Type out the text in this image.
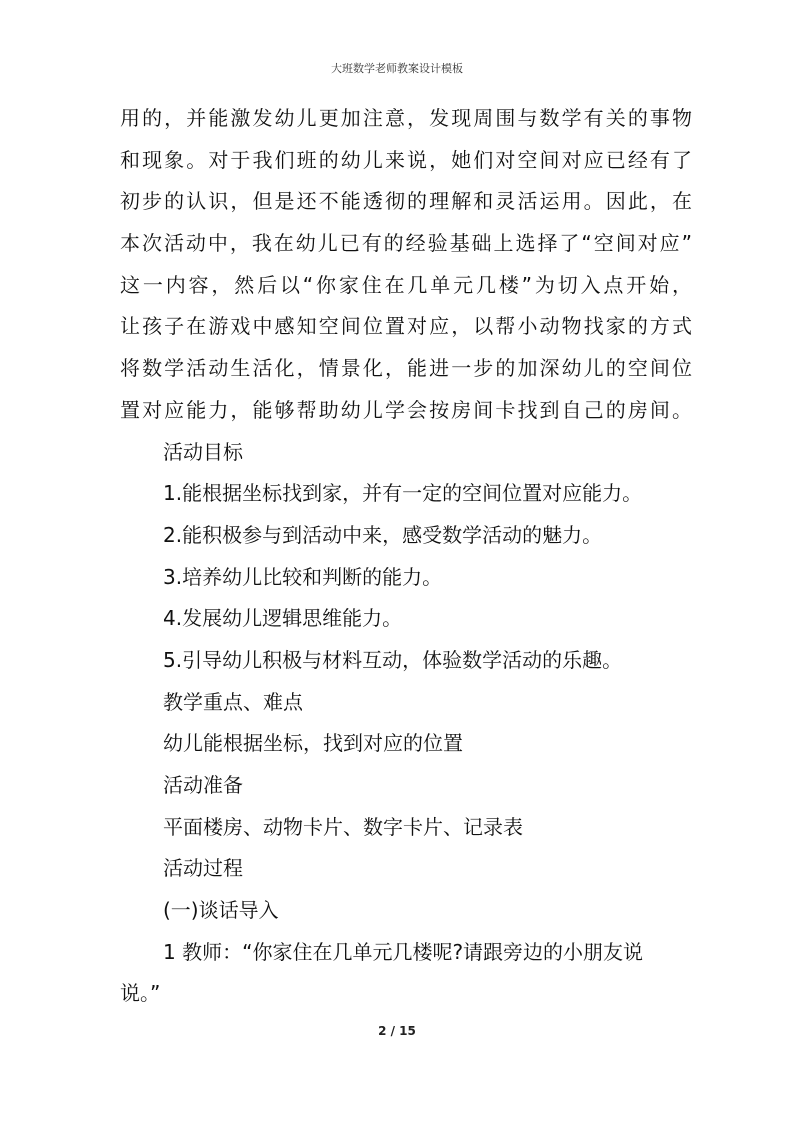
大班数学老师教案设计模板
用的，并能激发幼儿更加注意，发现周围与数学有关的事物
和现象。对于我们班的幼儿来说，她们对空间对应已经有了
初步的认识，但是还不能透彻的理解和灵活运用。因此，在
本次活动中，我在幼儿已有的经验基础上选择了“空间对应”
这一内容，然后以“你家住在几单元几楼”为切入点开始，
让孩子在游戏中感知空间位置对应，以帮小动物找家的方式
将数学活动生活化，情景化，能进一步的加深幼儿的空间位
置对应能力，能够帮助幼儿学会按房间卡找到自己的房间。
活动目标
1.能根据坐标找到家，并有一定的空间位置对应能力。
2.能积极参与到活动中来，感受数学活动的魅力。
3.培养幼儿比较和判断的能力。
4.发展幼儿逻辑思维能力。
5.引导幼儿积极与材料互动，体验数学活动的乐趣。
教学重点、难点
幼儿能根据坐标，找到对应的位置
活动准备
平面楼房、动物卡片、数字卡片、记录表
活动过程
(一)谈话导入
1 教师：“你家住在几单元几楼呢?请跟旁边的小朋友说
说。”
2 / 15
